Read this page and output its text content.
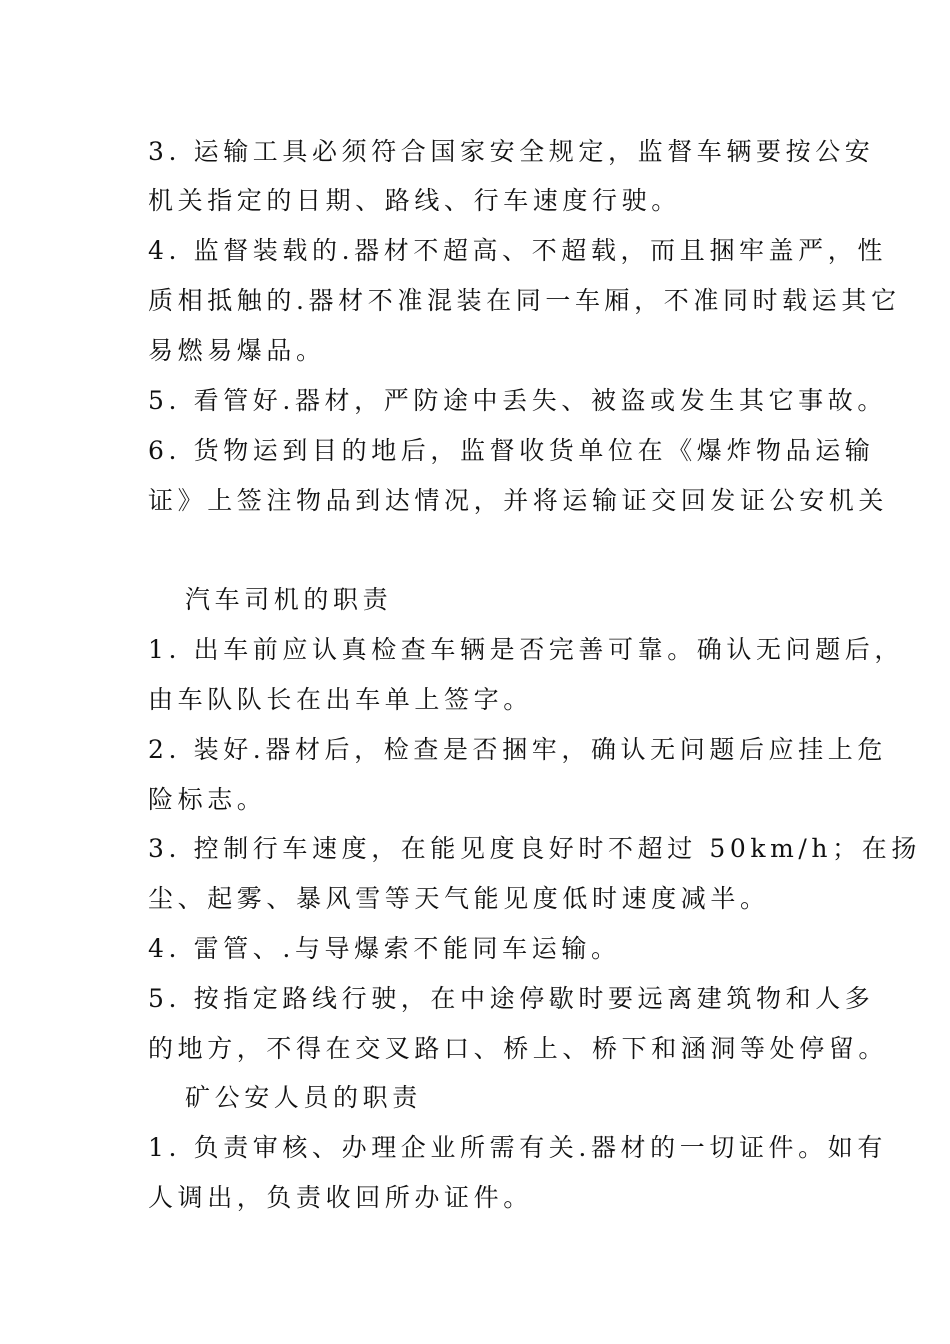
3. 运输工具必须符合国家安全规定，监督车辆要按公安
机关指定的日期、路线、行车速度行驶。
4. 监督装载的.器材不超高、不超载，而且捆牢盖严，性
质相抵触的.器材不准混装在同一车厢，不准同时载运其它
易燃易爆品。
5. 看管好.器材，严防途中丢失、被盗或发生其它事故。
6. 货物运到目的地后，监督收货单位在《爆炸物品运输
证》上签注物品到达情况，并将运输证交回发证公安机关
汽车司机的职责
1. 出车前应认真检查车辆是否完善可靠。确认无问题后，
由车队队长在出车单上签字。
2. 装好.器材后，检查是否捆牢，确认无问题后应挂上危
险标志。
3. 控制行车速度，在能见度良好时不超过 50km/h；在扬
尘、起雾、暴风雪等天气能见度低时速度减半。
4. 雷管、.与导爆索不能同车运输。
5. 按指定路线行驶，在中途停歇时要远离建筑物和人多
的地方，不得在交叉路口、桥上、桥下和涵洞等处停留。
矿公安人员的职责
1. 负责审核、办理企业所需有关.器材的一切证件。如有
人调出，负责收回所办证件。
